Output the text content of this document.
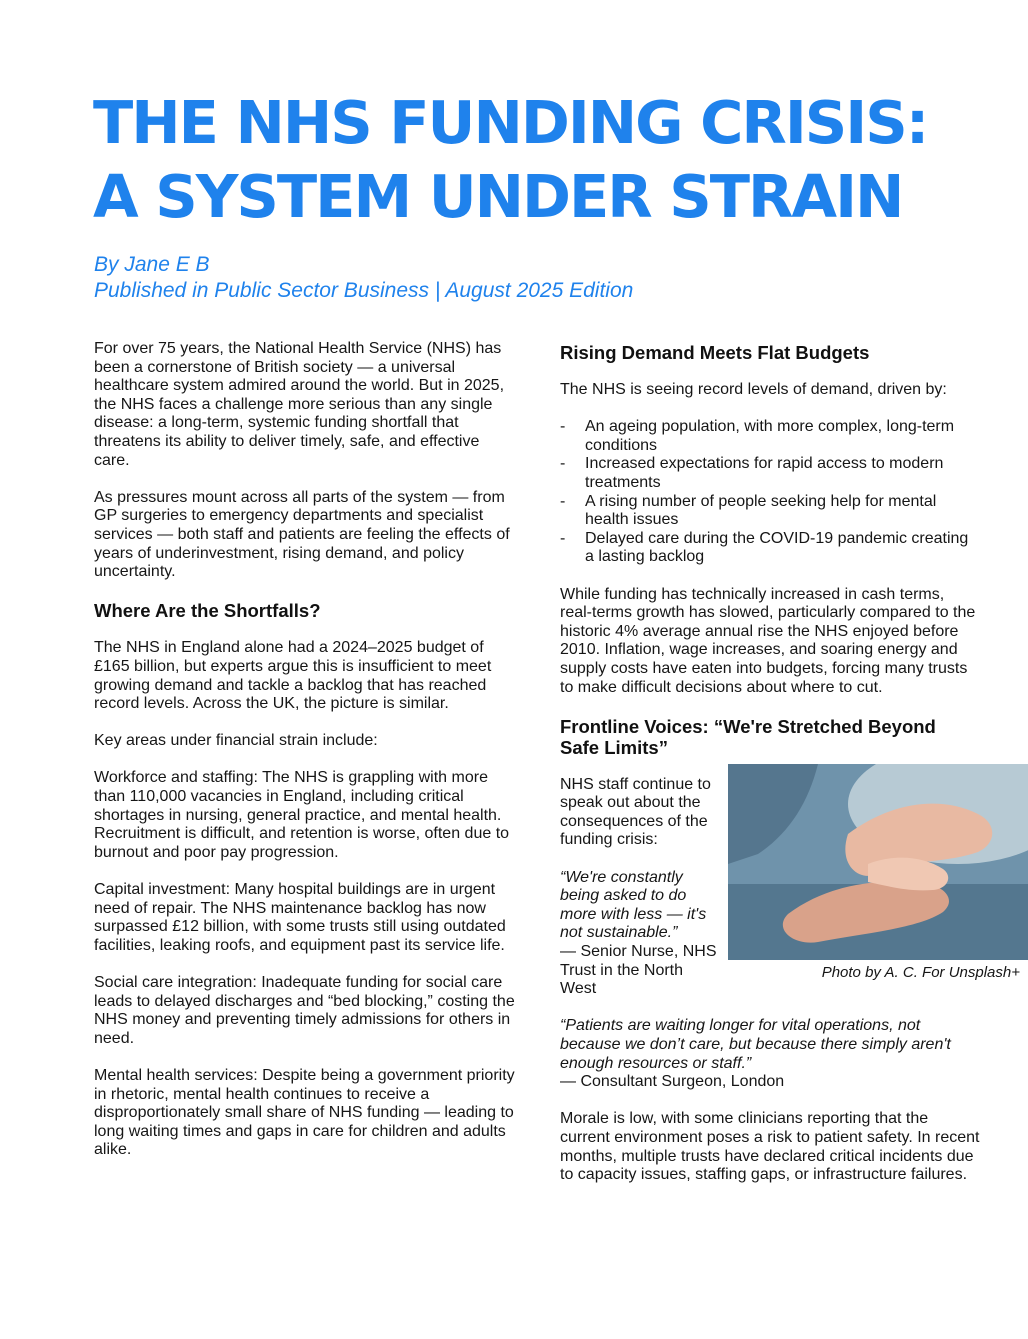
THE NHS FUNDING CRISIS:
A SYSTEM UNDER STRAIN
By Jane E B
Published in Public Sector Business | August 2025 Edition

For over 75 years, the National Health Service (NHS) has been a cornerstone of British society — a universal healthcare system admired around the world. But in 2025, the NHS faces a challenge more serious than any single disease: a long-term, systemic funding shortfall that threatens its ability to deliver timely, safe, and effective care.

As pressures mount across all parts of the system — from GP surgeries to emergency departments and specialist services — both staff and patients are feeling the effects of years of underinvestment, rising demand, and policy uncertainty.

Where Are the Shortfalls?

The NHS in England alone had a 2024–2025 budget of £165 billion, but experts argue this is insufficient to meet growing demand and tackle a backlog that has reached record levels. Across the UK, the picture is similar.

Key areas under financial strain include:

Workforce and staffing: The NHS is grappling with more than 110,000 vacancies in England, including critical shortages in nursing, general practice, and mental health. Recruitment is difficult, and retention is worse, often due to burnout and poor pay progression.

Capital investment: Many hospital buildings are in urgent need of repair. The NHS maintenance backlog has now surpassed £12 billion, with some trusts still using outdated facilities, leaking roofs, and equipment past its service life.

Social care integration: Inadequate funding for social care leads to delayed discharges and “bed blocking,” costing the NHS money and preventing timely admissions for others in need.

Mental health services: Despite being a government priority in rhetoric, mental health continues to receive a disproportionately small share of NHS funding — leading to long waiting times and gaps in care for children and adults alike.

Rising Demand Meets Flat Budgets

The NHS is seeing record levels of demand, driven by:

- An ageing population, with more complex, long-term conditions
- Increased expectations for rapid access to modern treatments
- A rising number of people seeking help for mental health issues
- Delayed care during the COVID-19 pandemic creating a lasting backlog

While funding has technically increased in cash terms, real-terms growth has slowed, particularly compared to the historic 4% average annual rise the NHS enjoyed before 2010. Inflation, wage increases, and soaring energy and supply costs have eaten into budgets, forcing many trusts to make difficult decisions about where to cut.

Frontline Voices: “We're Stretched Beyond Safe Limits”
Photo by A. C. For Unsplash+

NHS staff continue to speak out about the consequences of the funding crisis:

“We're constantly being asked to do more with less — it's not sustainable.”
— Senior Nurse, NHS Trust in the North West

“Patients are waiting longer for vital operations, not because we don’t care, but because there simply aren't enough resources or staff.”
— Consultant Surgeon, London

Morale is low, with some clinicians reporting that the current environment poses a risk to patient safety. In recent months, multiple trusts have declared critical incidents due to capacity issues, staffing gaps, or infrastructure failures.
